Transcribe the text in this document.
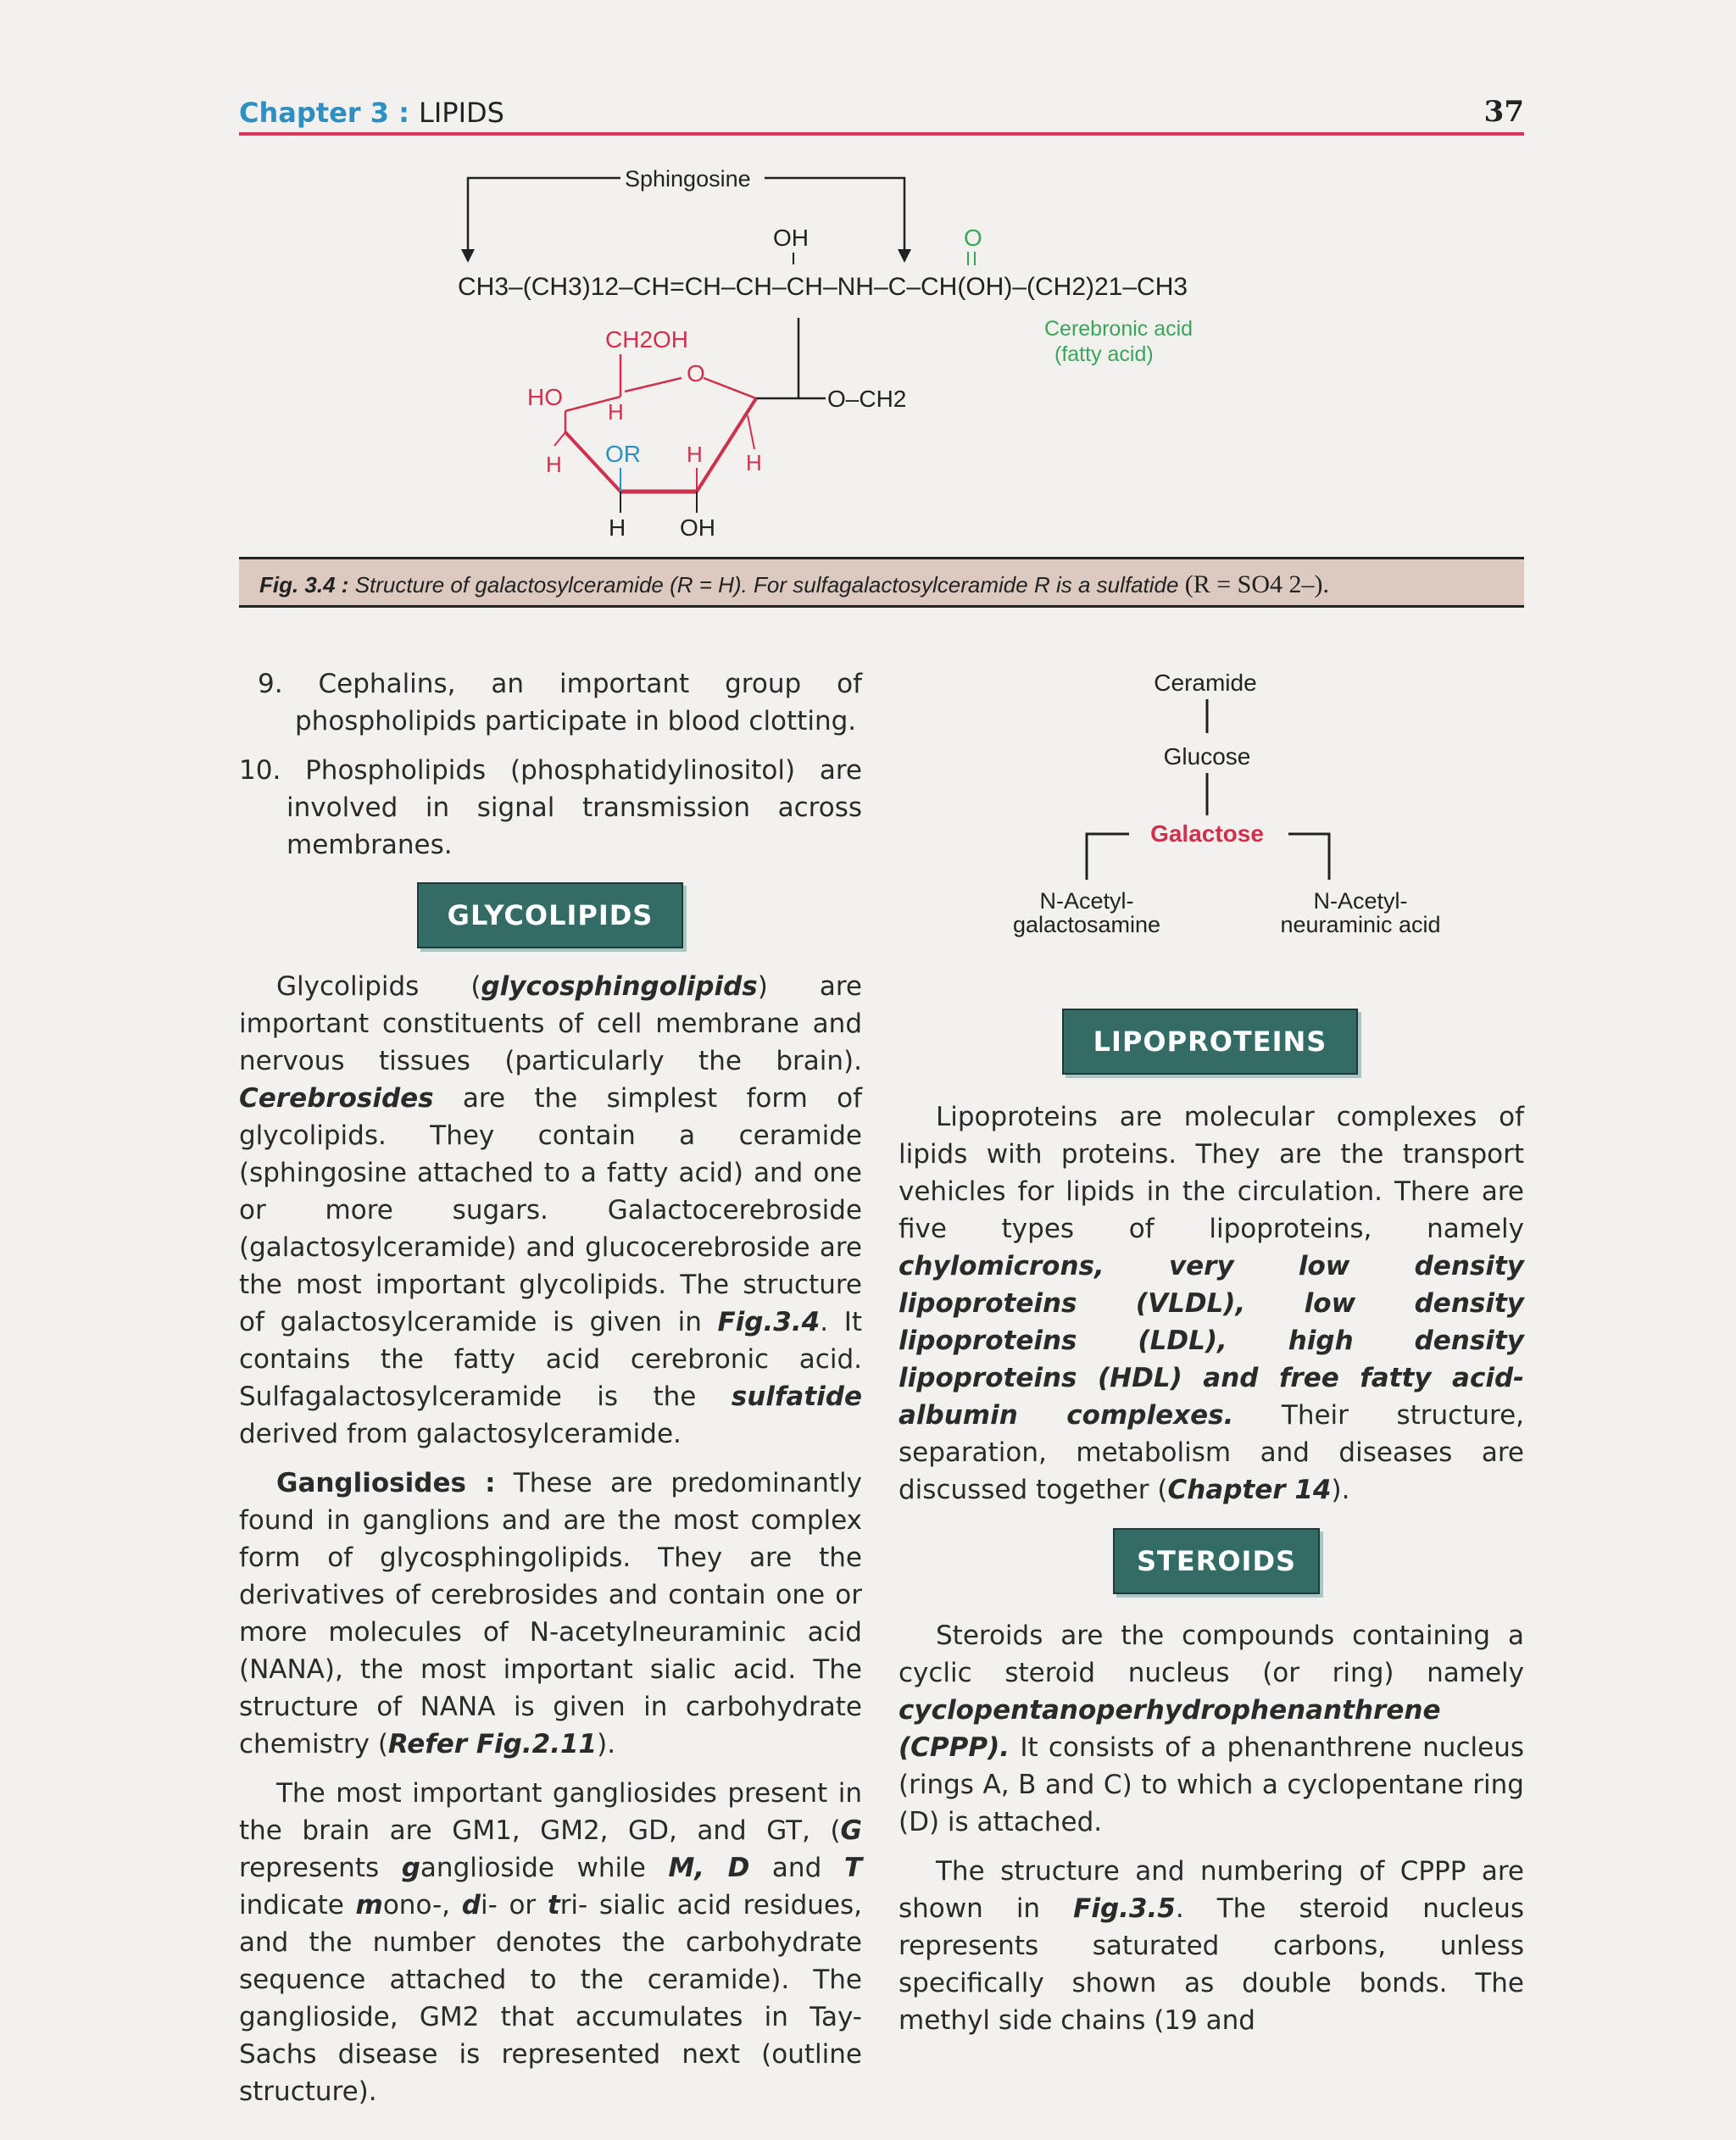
Chapter 3 : LIPIDS	37
Sphingosine
OH	O
CH3–(CH3)12–CH=CH–CH–CH–NH–C–CH(OH)–(CH2)21–CH3
Cerebronic acid
(fatty acid)
CH2OH
O
O–CH2
HO
H
H OR H H
H OH
Fig. 3.4 : Structure of galactosylceramide (R = H). For sulfagalactosylceramide R is a sulfatide (R = SO4 2–).

9. Cephalins, an important group of phospholipids participate in blood clotting.

10. Phospholipids (phosphatidylinositol) are involved in signal transmission across membranes.

GLYCOLIPIDS

Glycolipids (glycosphingolipids) are important constituents of cell membrane and nervous tissues (particularly the brain). Cerebrosides are the simplest form of glycolipids. They contain a ceramide (sphingosine attached to a fatty acid) and one or more sugars. Galactocerebroside (galactosylceramide) and glucocerebroside are the most important glycolipids. The structure of galactosylceramide is given in Fig.3.4. It contains the fatty acid cerebronic acid. Sulfagalactosylceramide is the sulfatide derived from galactosylceramide.

Gangliosides : These are predominantly found in ganglions and are the most complex form of glycosphingolipids. They are the derivatives of cerebrosides and contain one or more molecules of N-acetylneuraminic acid (NANA), the most important sialic acid. The structure of NANA is given in carbohydrate chemistry (Refer Fig.2.11).

The most important gangliosides present in the brain are GM1, GM2, GD, and GT, (G represents ganglioside while M, D and T indicate mono-, di- or tri- sialic acid residues, and the number denotes the carbohydrate sequence attached to the ceramide). The ganglioside, GM2 that accumulates in Tay-Sachs disease is represented next (outline structure).

Ceramide
Glucose
Galactose
N-Acetyl-
galactosamine
N-Acetyl-
neuraminic acid
LIPOPROTEINS

Lipoproteins are molecular complexes of lipids with proteins. They are the transport vehicles for lipids in the circulation. There are five types of lipoproteins, namely chylomicrons, very low density lipoproteins (VLDL), low density lipoproteins (LDL), high density lipoproteins (HDL) and free fatty acid-albumin complexes. Their structure, separation, metabolism and diseases are discussed together (Chapter 14).

STEROIDS

Steroids are the compounds containing a cyclic steroid nucleus (or ring) namely cyclopentanoperhydrophenanthrene (CPPP). It consists of a phenanthrene nucleus (rings A, B and C) to which a cyclopentane ring (D) is attached.

The structure and numbering of CPPP are shown in Fig.3.5. The steroid nucleus represents saturated carbons, unless specifically shown as double bonds. The methyl side chains (19 and
